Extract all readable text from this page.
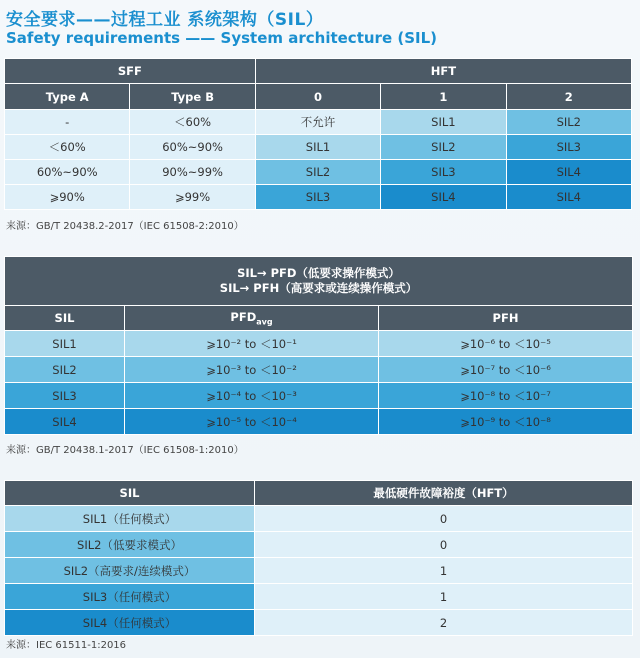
安全要求——过程工业 系统架构（SIL）
Safety requirements —— System architecture (SIL)
SFF		HFT		
Type A	Type B	0	1	2
-	＜60%	不允许	SIL1	SIL2
＜60%	60%~90%	SIL1	SIL2	SIL3
60%~90%	90%~99%	SIL2	SIL3	SIL4
⩾90%	⩾99%	SIL3	SIL4	SIL4
来源：GB/T 20438.2-2017（IEC 61508-2:2010）
SIL→ PFD（低要求操作模式）
SIL→ PFH（高要求或连续操作模式）		

SIL	$PFD_{avg}$	PFH
SIL1	⩾10⁻² to ＜10⁻¹	⩾10⁻⁶ to ＜10⁻⁵
SIL2	⩾10⁻³ to ＜10⁻²	⩾10⁻⁷ to ＜10⁻⁶
SIL3	⩾10⁻⁴ to ＜10⁻³	⩾10⁻⁸ to ＜10⁻⁷
SIL4	⩾10⁻⁵ to ＜10⁻⁴	⩾10⁻⁹ to ＜10⁻⁸
来源：GB/T 20438.1-2017（IEC 61508-1:2010）
SIL	最低硬件故障裕度（HFT）
SIL1（任何模式）	0
SIL2（低要求模式）	0
SIL2（高要求/连续模式）	1
SIL3（任何模式）	1
SIL4（任何模式）	2
来源：IEC 61511-1:2016
